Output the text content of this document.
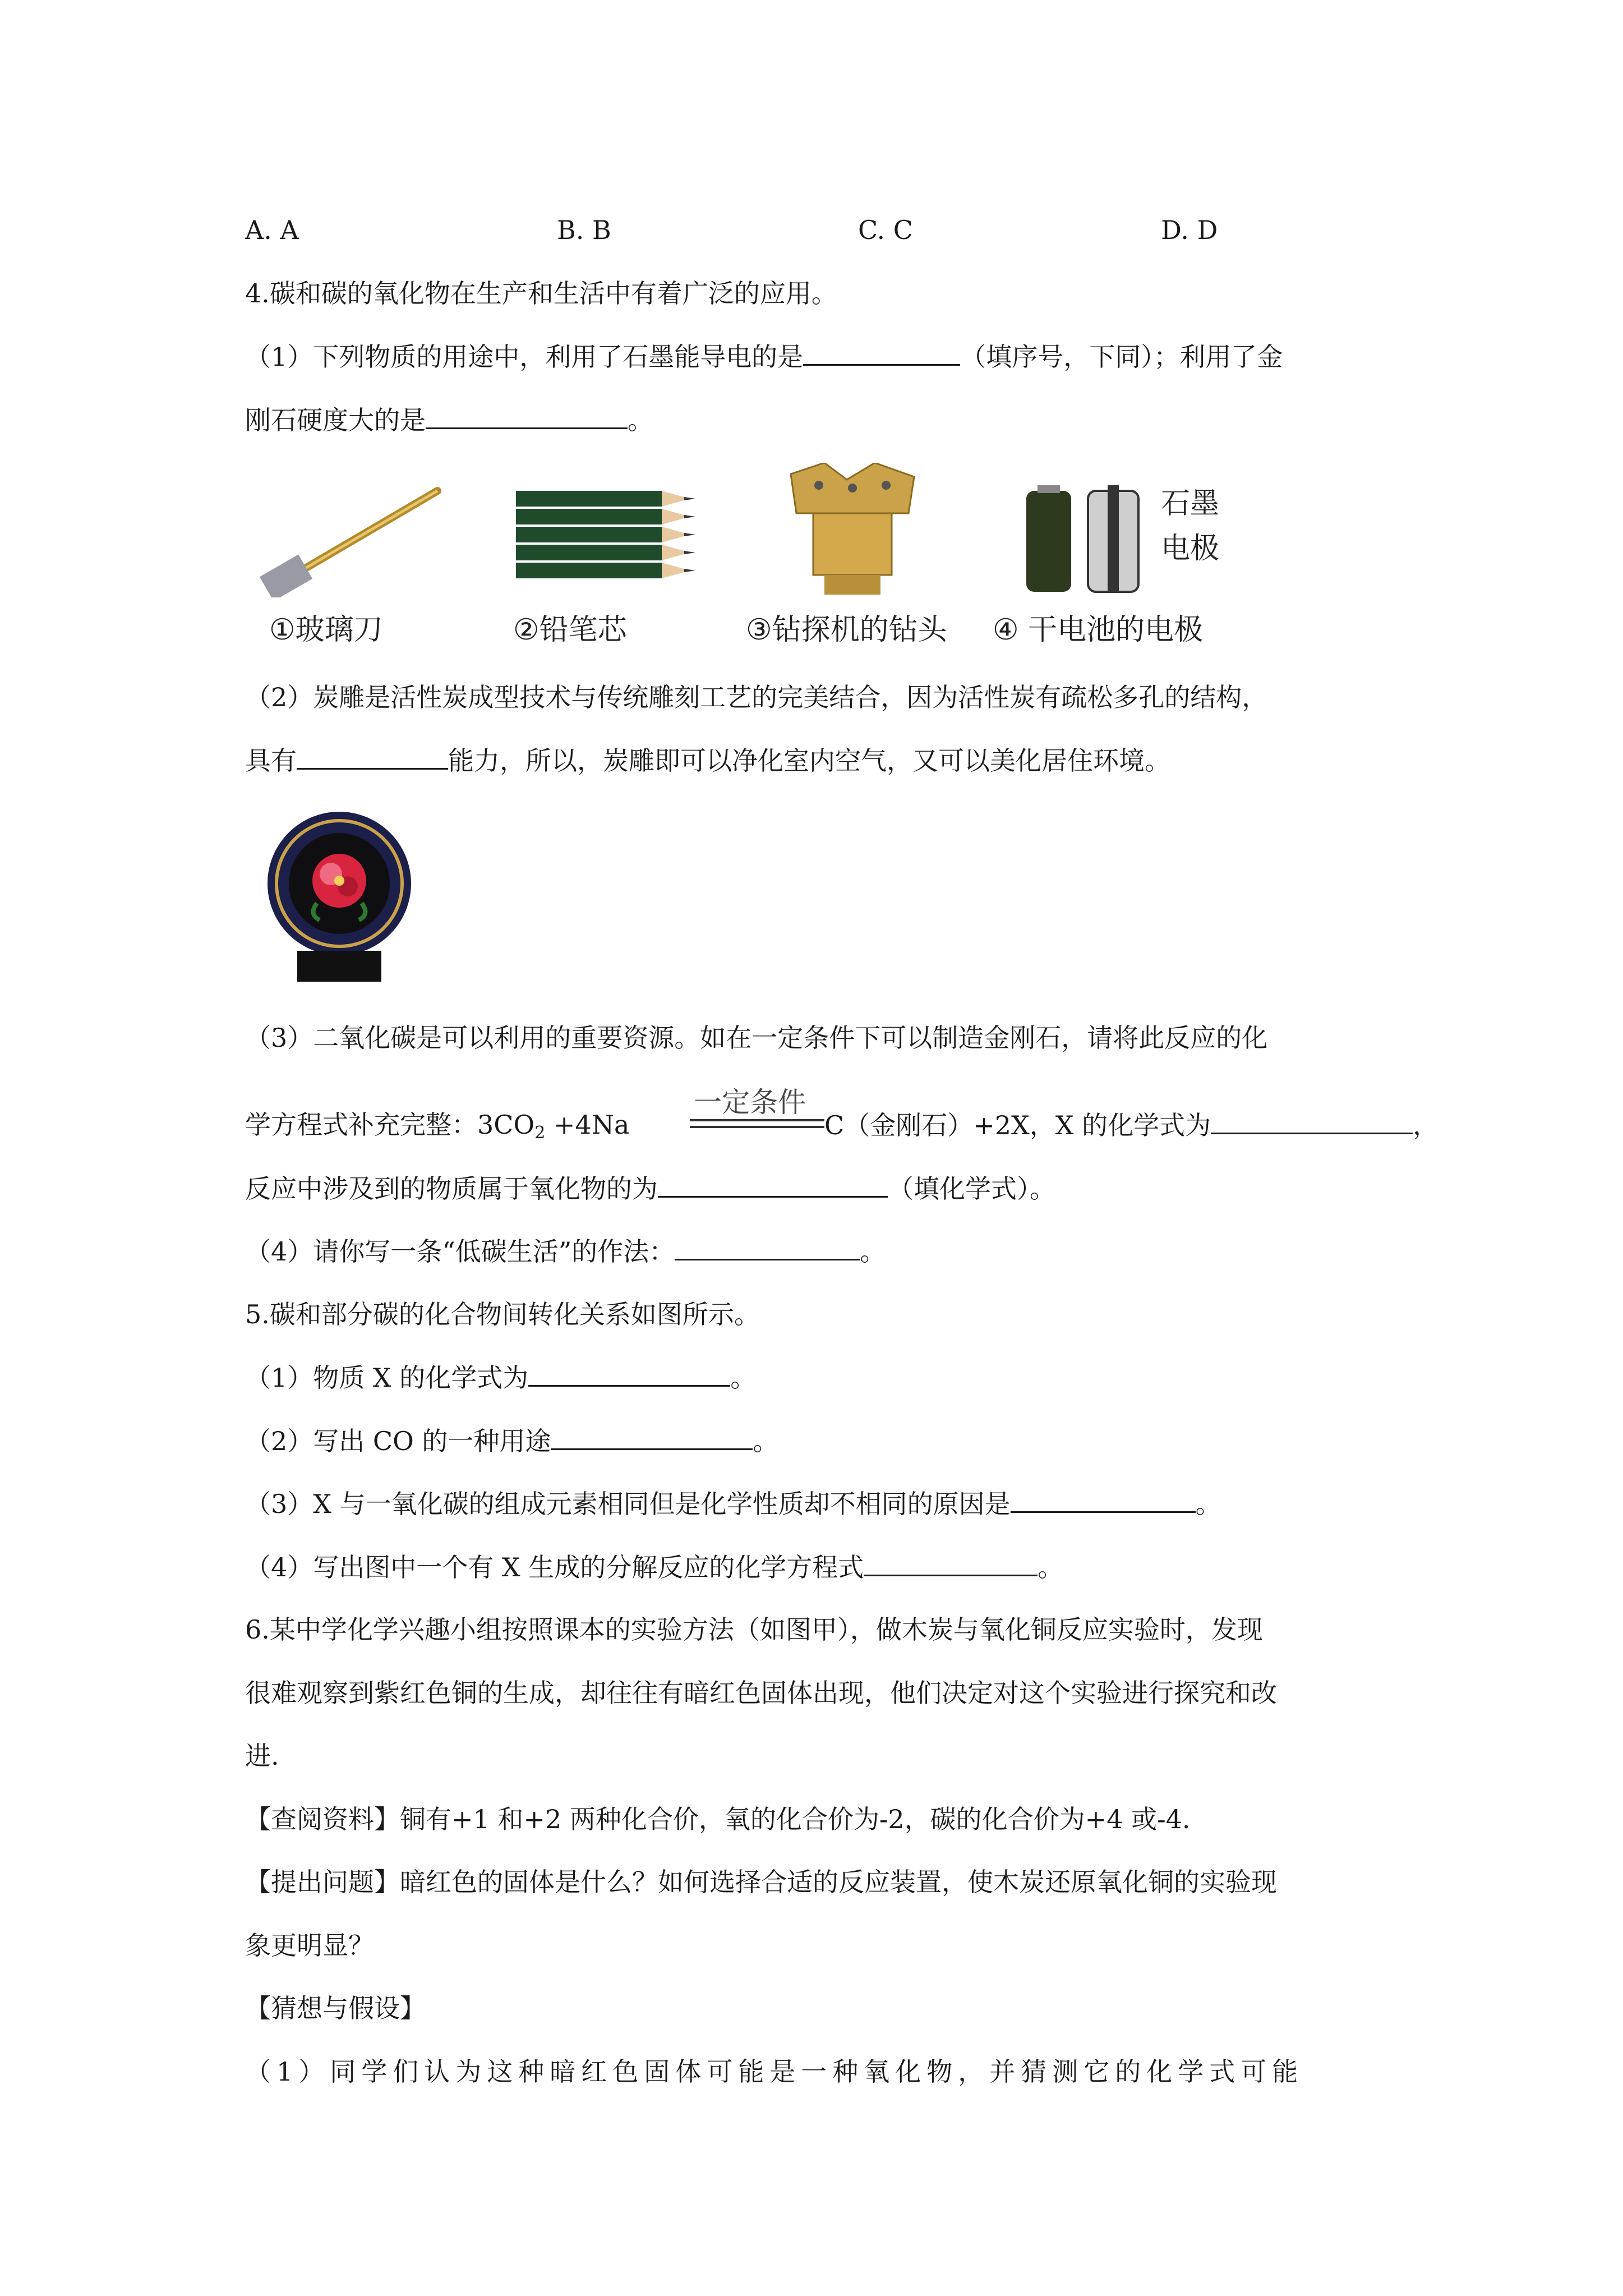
A. A	B. B	C. C	D. D
4.碳和碳的氧化物在生产和生活中有着广泛的应用。
（1）下列物质的用途中，利用了石墨能导电的是	（填序号，下同）；利用了金
刚石硬度大的是	。
石墨
电极
①玻璃刀	②铅笔芯	③钻探机的钻头 ④ 干电池的电极
（2）炭雕是活性炭成型技术与传统雕刻工艺的完美结合，因为活性炭有疏松多孔的结构，
具有	能力，所以，炭雕即可以净化室内空气，又可以美化居住环境。
（3）二氧化碳是可以利用的重要资源。如在一定条件下可以制造金刚石，请将此反应的化
一定条件
学方程式补充完整：$3CO_2 +4Na$	C（金刚石）+2X，X 的化学式为	，
反应中涉及到的物质属于氧化物的为	（填化学式）。
（4）请你写一条“低碳生活”的作法：	。
5.碳和部分碳的化合物间转化关系如图所示。
（1）物质 X 的化学式为	。
（2）写出 CO 的一种用途	。
（3）X 与一氧化碳的组成元素相同但是化学性质却不相同的原因是	。
（4）写出图中一个有 X 生成的分解反应的化学方程式	。
6.某中学化学兴趣小组按照课本的实验方法（如图甲），做木炭与氧化铜反应实验时，发现
很难观察到紫红色铜的生成，却往往有暗红色固体出现，他们决定对这个实验进行探究和改
进.
【查阅资料】铜有+1 和+2 两种化合价，氧的化合价为-2，碳的化合价为+4 或-4.
【提出问题】暗红色的固体是什么？如何选择合适的反应装置，使木炭还原氧化铜的实验现
象更明显？
【猜想与假设】
（1）同学们认为这种暗红色固体可能是一种氧化物，并猜测它的化学式可能
